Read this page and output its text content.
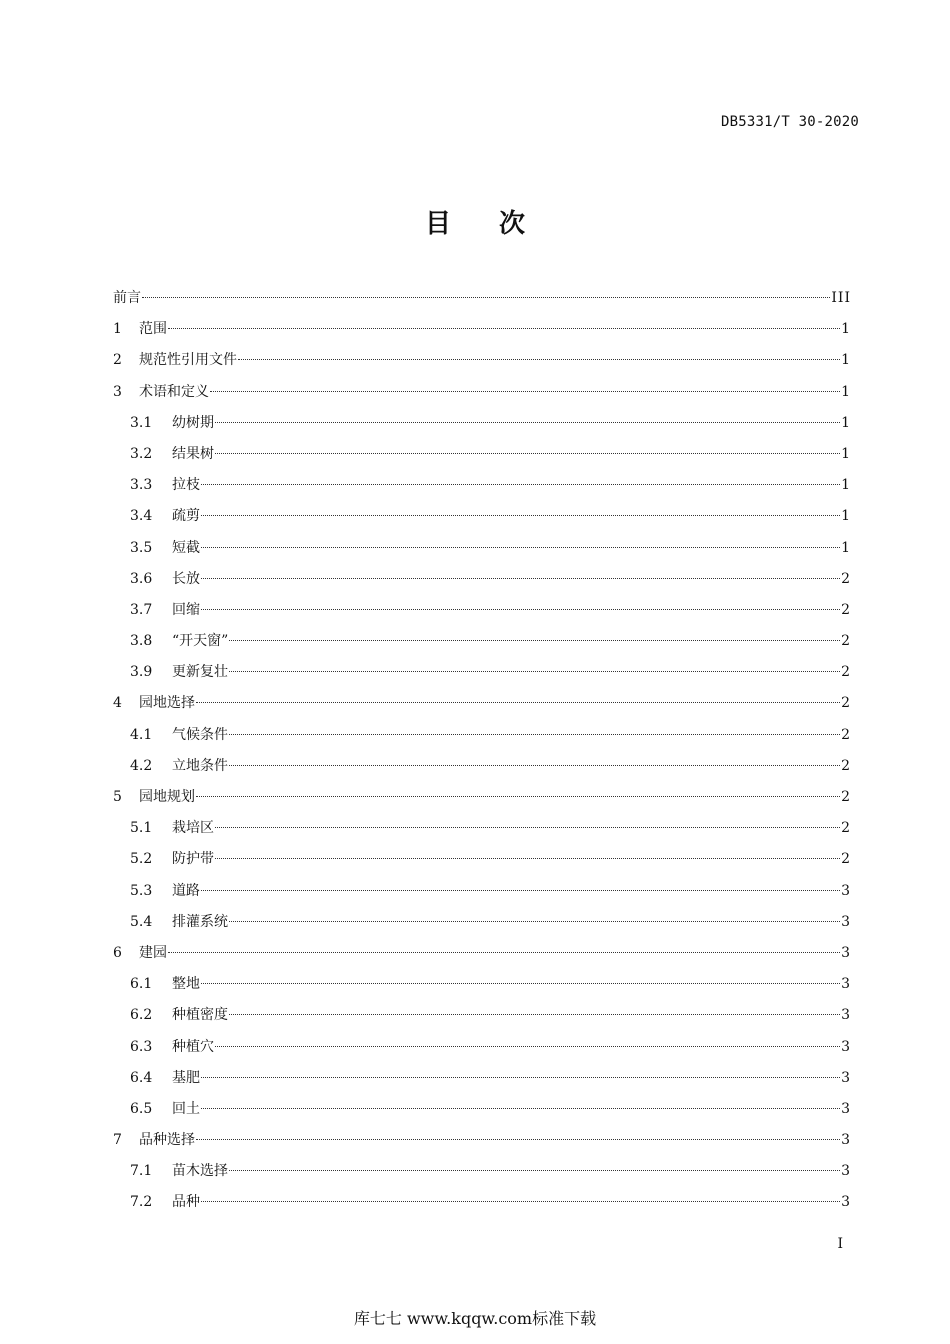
DB5331/T 30-2020
目次
前言	III
1	范围	1
2	规范性引用文件	1
3	术语和定义	1
3.1	幼树期	1
3.2	结果树	1
3.3	拉枝	1
3.4	疏剪	1
3.5	短截	1
3.6	长放	2
3.7	回缩	2
3.8	“开天窗”	2
3.9	更新复壮	2
4	园地选择	2
4.1	气候条件	2
4.2	立地条件	2
5	园地规划	2
5.1	栽培区	2
5.2	防护带	2
5.3	道路	3
5.4	排灌系统	3
6	建园	3
6.1	整地	3
6.2	种植密度	3
6.3	种植穴	3
6.4	基肥	3
6.5	回土	3
7	品种选择	3
7.1	苗木选择	3
7.2	品种	3
I
库七七 www.kqqw.com标准下载
